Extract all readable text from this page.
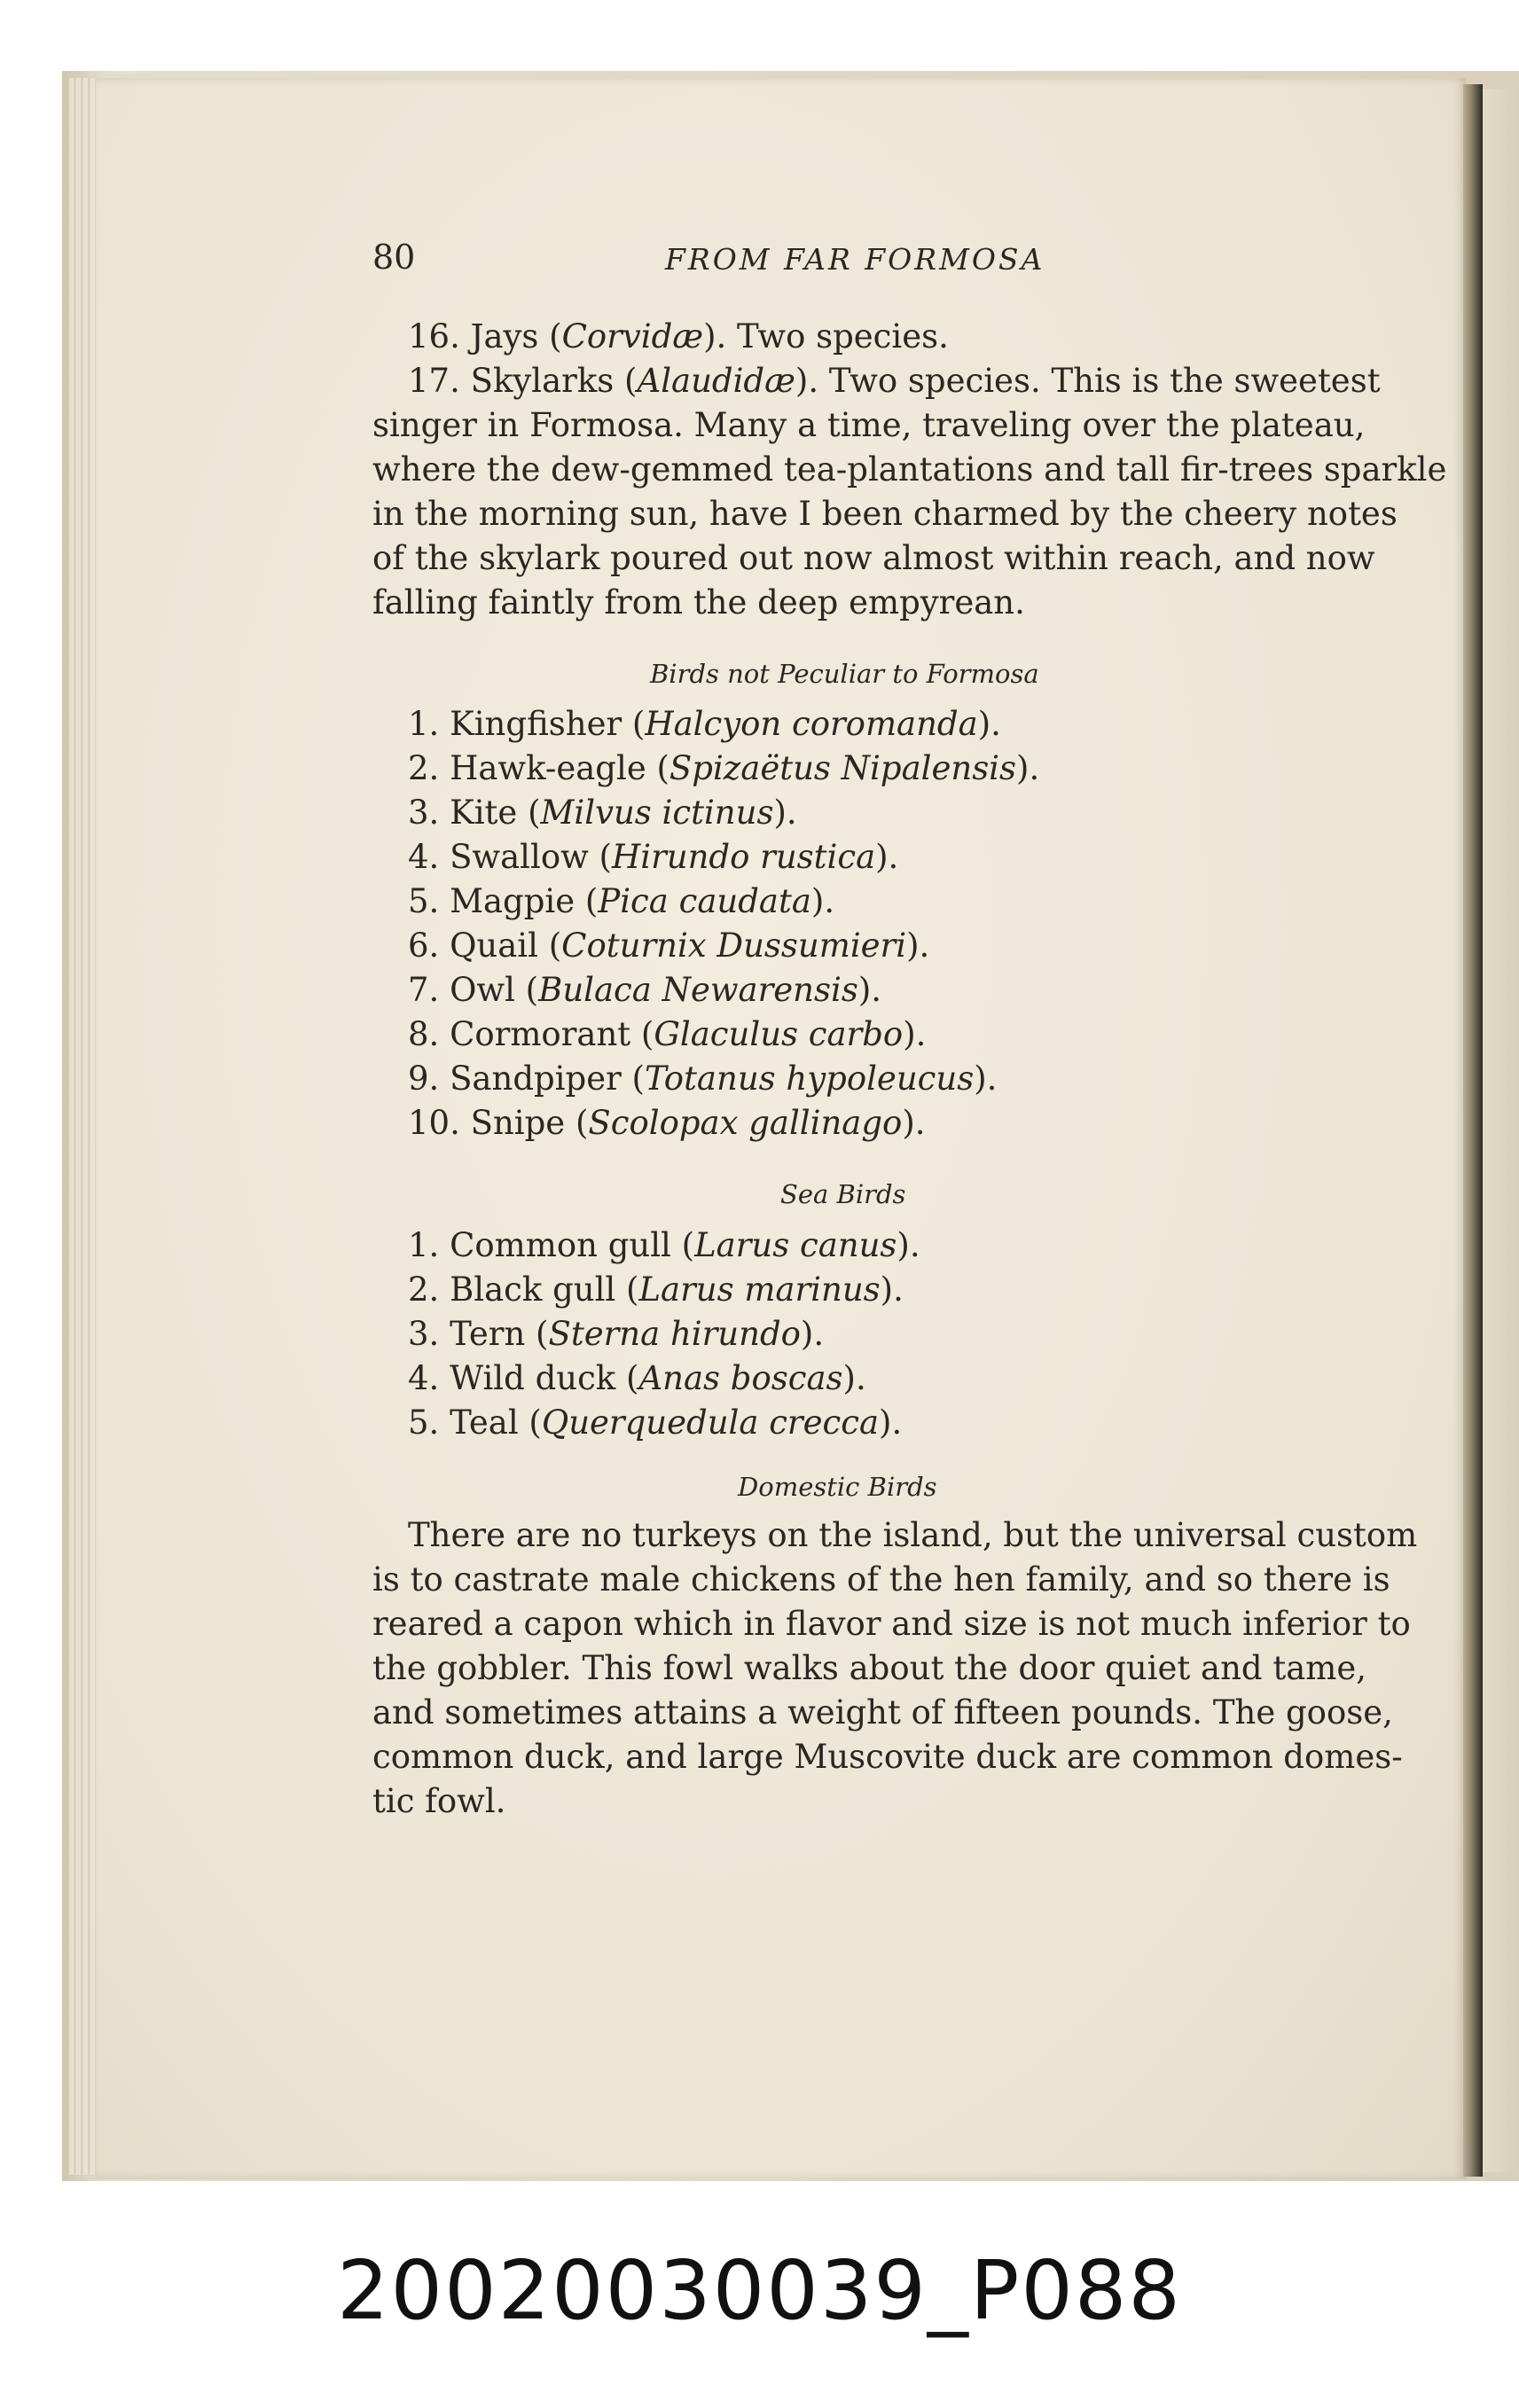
80	FROM FAR FORMOSA
16. Jays (Corvidæ). Two species.
17. Skylarks (Alaudidæ). Two species. This is the sweetest
singer in Formosa. Many a time, traveling over the plateau,
where the dew-gemmed tea-plantations and tall fir-trees sparkle
in the morning sun, have I been charmed by the cheery notes
of the skylark poured out now almost within reach, and now
falling faintly from the deep empyrean.
Birds not Peculiar to Formosa
1. Kingfisher (Halcyon coromanda).
2. Hawk-eagle (Spizaëtus Nipalensis).
3. Kite (Milvus ictinus).
4. Swallow (Hirundo rustica).
5. Magpie (Pica caudata).
6. Quail (Coturnix Dussumieri).
7. Owl (Bulaca Newarensis).
8. Cormorant (Glaculus carbo).
9. Sandpiper (Totanus hypoleucus).
10. Snipe (Scolopax gallinago).
Sea Birds
1. Common gull (Larus canus).
2. Black gull (Larus marinus).
3. Tern (Sterna hirundo).
4. Wild duck (Anas boscas).
5. Teal (Querquedula crecca).
Domestic Birds
There are no turkeys on the island, but the universal custom
is to castrate male chickens of the hen family, and so there is
reared a capon which in flavor and size is not much inferior to
the gobbler. This fowl walks about the door quiet and tame,
and sometimes attains a weight of fifteen pounds. The goose,
common duck, and large Muscovite duck are common domes-
tic fowl.
20020030039_P088
